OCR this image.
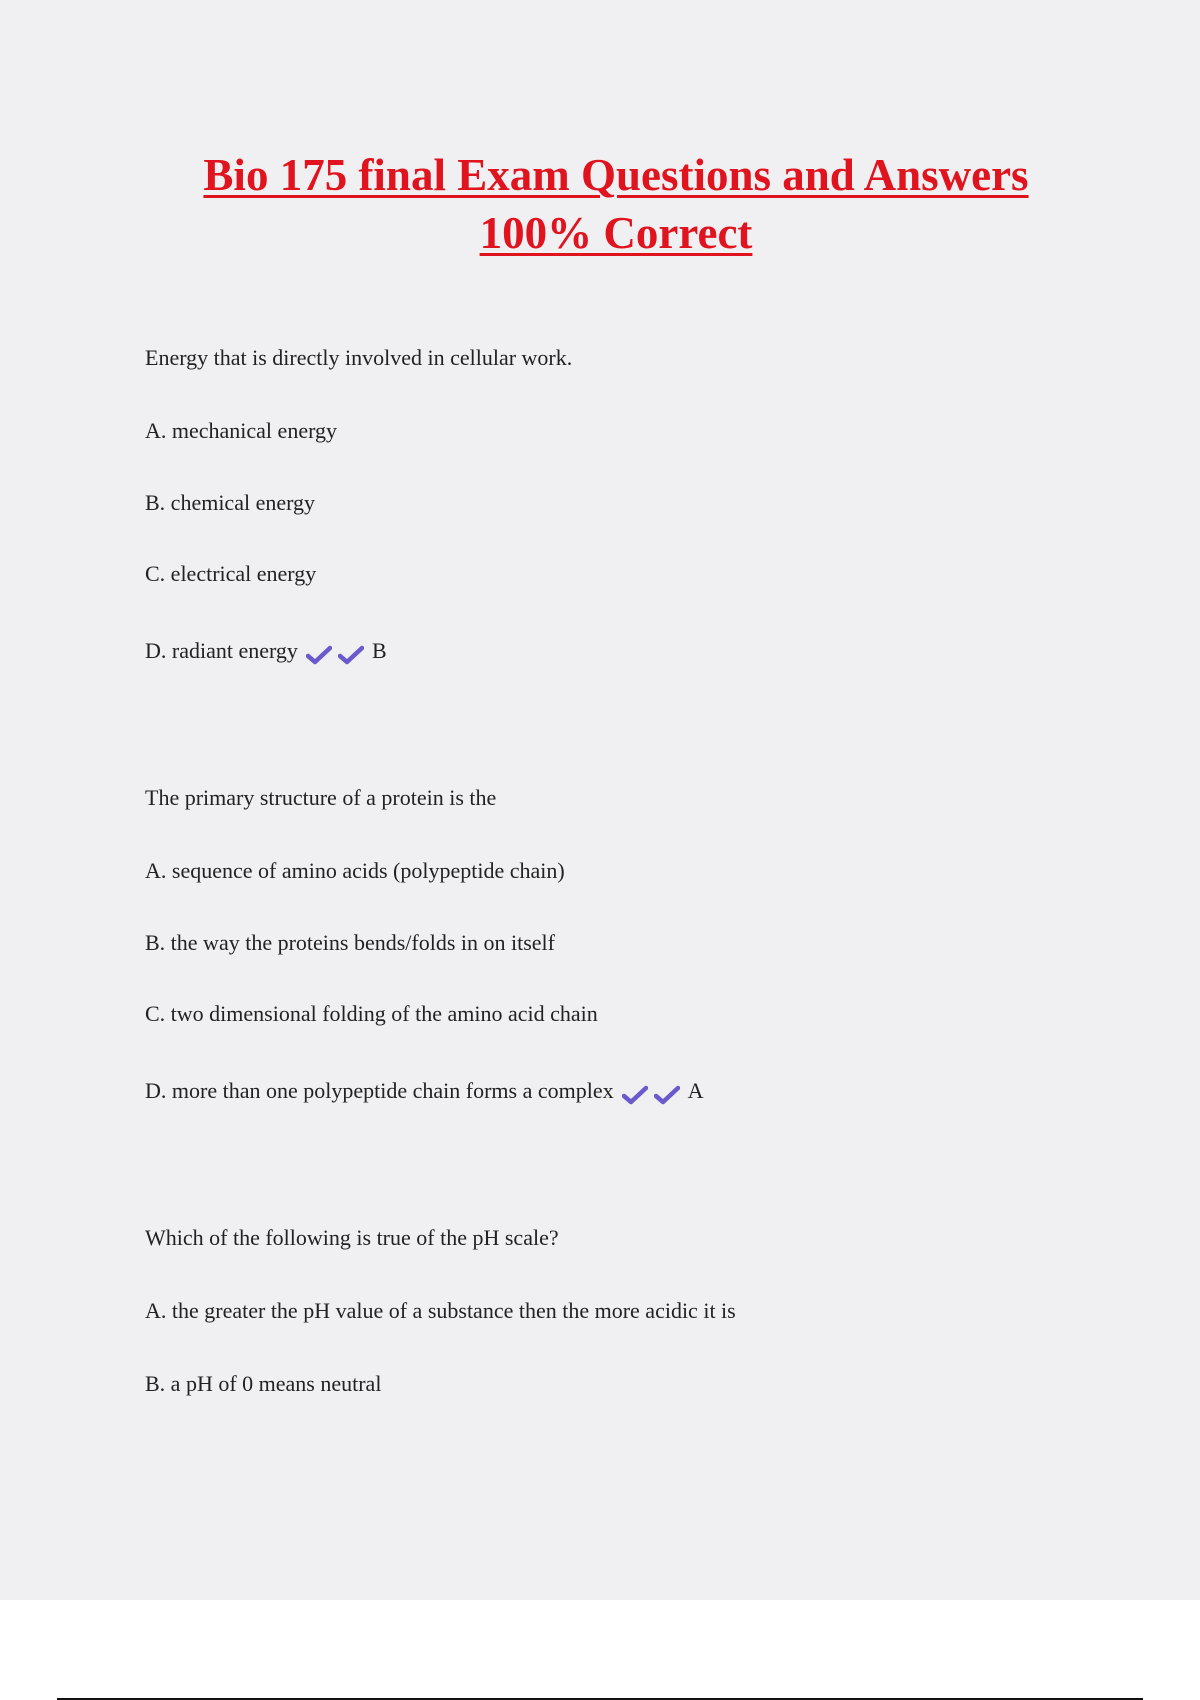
Bio 175 final Exam Questions and Answers
100% Correct
Energy that is directly involved in cellular work.
A. mechanical energy
B. chemical energy
C. electrical energy
D. radiant energy	B
The primary structure of a protein is the
A. sequence of amino acids (polypeptide chain)
B. the way the proteins bends/folds in on itself
C. two dimensional folding of the amino acid chain
D. more than one polypeptide chain forms a complex	A
Which of the following is true of the pH scale?
A. the greater the pH value of a substance then the more acidic it is
B. a pH of 0 means neutral
